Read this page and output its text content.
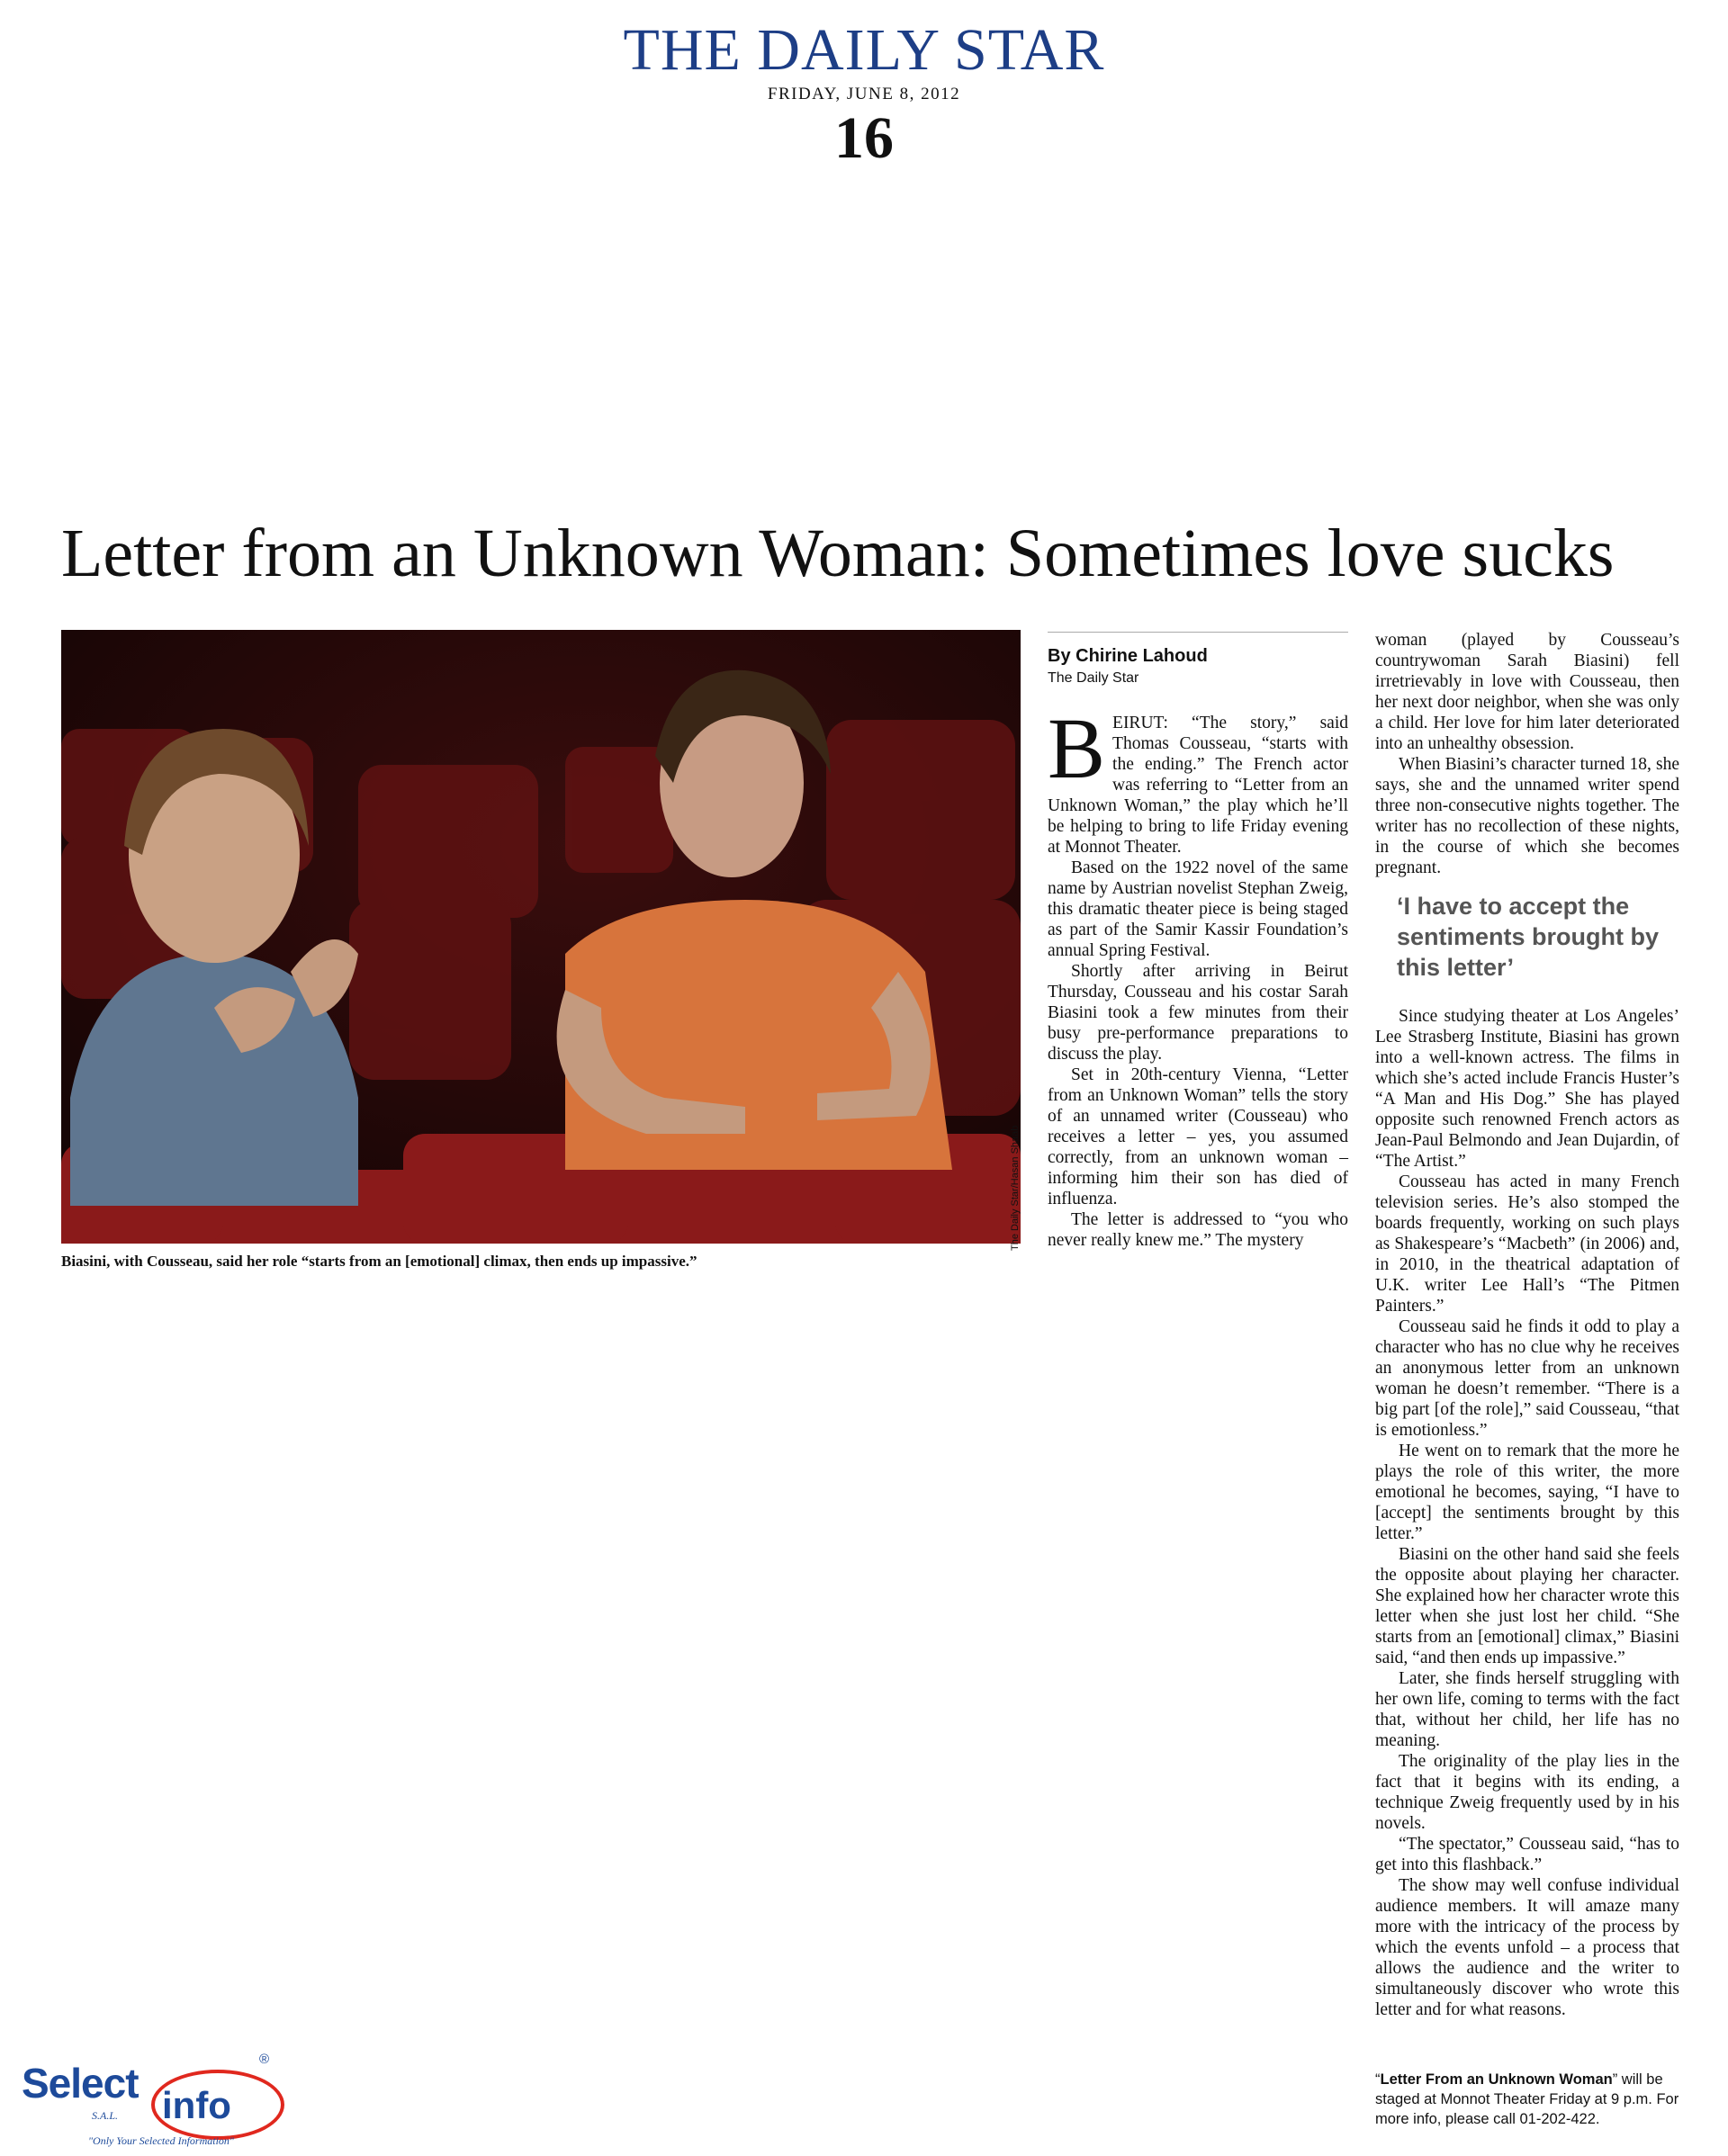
THE DAILY STAR
FRIDAY, JUNE 8, 2012
16
Letter from an Unknown Woman: Sometimes love sucks
The Daily Star/Hasan Shaab
Biasini, with Cousseau, said her role “starts from an [emotional] climax, then ends up impassive.”
By Chirine Lahoud
The Daily Star

BEIRUT: “The story,” said Thomas Cousseau, “starts with the ending.” The French actor was referring to “Letter from an Unknown Woman,” the play which he’ll be helping to bring to life Friday evening at Monnot Theater.

Based on the 1922 novel of the same name by Austrian novelist Stephan Zweig, this dramatic theater piece is being staged as part of the Samir Kassir Foundation’s annual Spring Festival.

Shortly after arriving in Beirut Thursday, Cousseau and his costar Sarah Biasini took a few minutes from their busy pre-performance preparations to discuss the play.

Set in 20th-century Vienna, “Letter from an Unknown Woman” tells the story of an unnamed writer (Cousseau) who receives a letter – yes, you assumed correctly, from an unknown woman – informing him their son has died of influenza.

The letter is addressed to “you who never really knew me.” The mystery

woman (played by Cousseau’s countrywoman Sarah Biasini) fell irretrievably in love with Cousseau, then her next door neighbor, when she was only a child. Her love for him later deteriorated into an unhealthy obsession.

When Biasini’s character turned 18, she says, she and the unnamed writer spend three non-consecutive nights together. The writer has no recollection of these nights, in the course of which she becomes pregnant.

‘I have to accept the sentiments brought by this letter’

Since studying theater at Los Angeles’ Lee Strasberg Institute, Biasini has grown into a well-known actress. The films in which she’s acted include Francis Huster’s “A Man and His Dog.” She has played opposite such renowned French actors as Jean-Paul Belmondo and Jean Dujardin, of “The Artist.”

Cousseau has acted in many French television series. He’s also stomped the boards frequently, working on such plays as Shakespeare’s “Macbeth” (in 2006) and, in 2010, in the theatrical adaptation of U.K. writer Lee Hall’s “The Pitmen Painters.”

Cousseau said he finds it odd to play a character who has no clue why he receives an anonymous letter from an unknown woman he doesn’t remember. “There is a big part [of the role],” said Cousseau, “that is emotionless.”

He went on to remark that the more he plays the role of this writer, the more emotional he becomes, saying, “I have to [accept] the sentiments brought by this letter.”

Biasini on the other hand said she feels the opposite about playing her character. She explained how her character wrote this letter when she just lost her child. “She starts from an [emotional] climax,” Biasini said, “and then ends up impassive.”

Later, she finds herself struggling with her own life, coming to terms with the fact that, without her child, her life has no meaning.

The originality of the play lies in the fact that it begins with its ending, a technique Zweig frequently used by in his novels.

“The spectator,” Cousseau said, “has to get into this flashback.”

The show may well confuse individual audience members. It will amaze many more with the intricacy of the process by which the events unfold – a process that allows the audience and the writer to simultaneously discover who wrote this letter and for what reasons.

“Letter From an Unknown Woman” will be staged at Monnot Theater Friday at 9 p.m. For more info, please call 01-202-422.
Select info
®
S.A.L.
"Only Your Selected Information"
